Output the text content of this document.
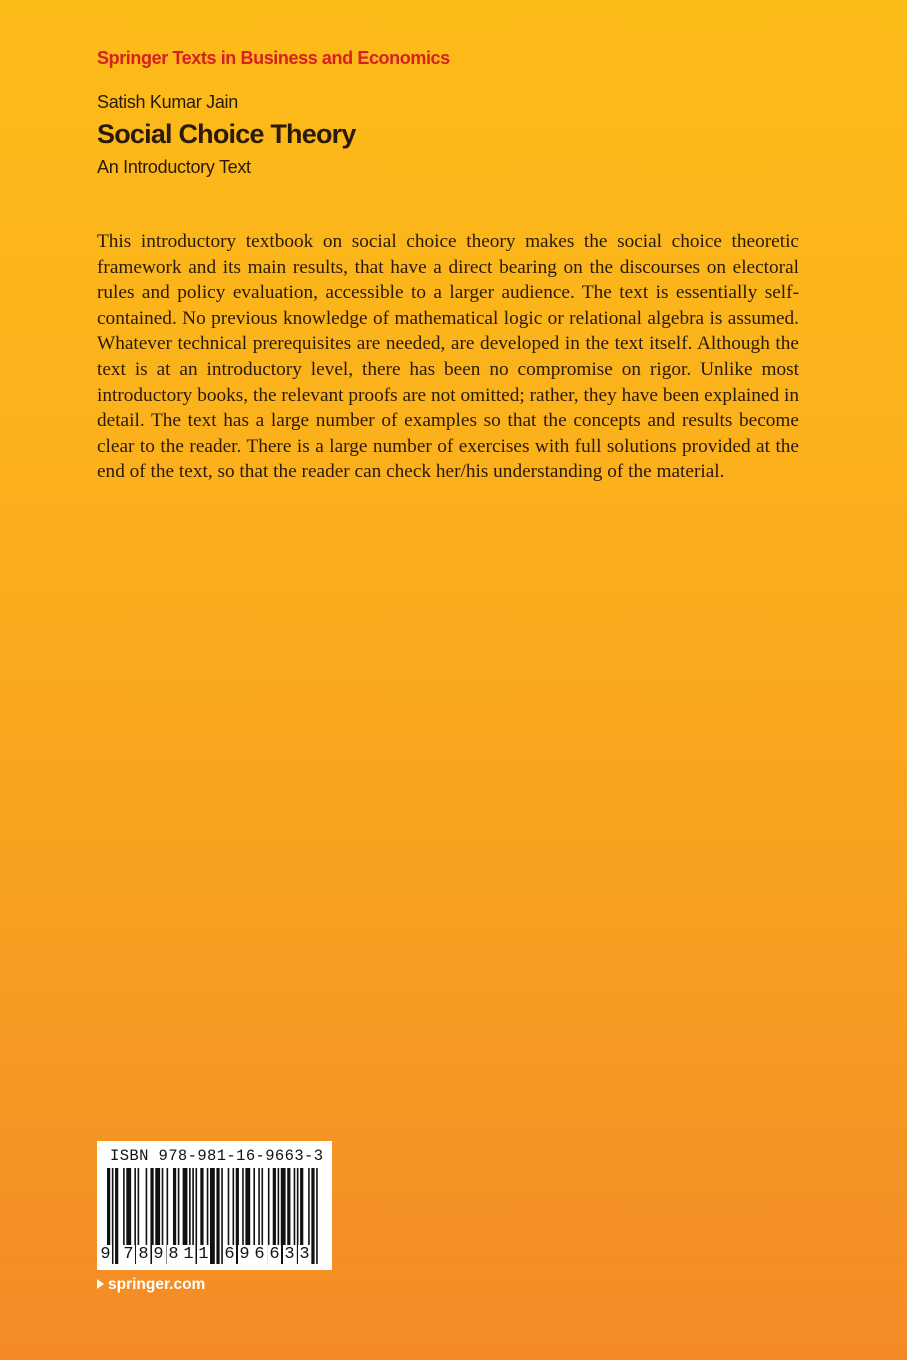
Springer Texts in Business and Economics
Satish Kumar Jain
Social Choice Theory
An Introductory Text

This introductory textbook on social choice theory makes the social choice theoretic framework and its main results, that have a direct bearing on the discourses on electoral rules and policy evaluation, accessible to a larger audience. The text is essentially self-contained. No previous knowledge of mathematical logic or relational algebra is assumed. Whatever technical prerequisites are needed, are developed in the text itself. Although the text is at an introductory level, there has been no compromise on rigor. Unlike most introductory books, the relevant proofs are not omitted; rather, they have been explained in detail. The text has a large number of examples so that the concepts and results become clear to the reader. There is a large number of exercises with full solutions provided at the end of the text, so that the reader can check her/his understanding of the material.

ISBN 978-981-16-9663-3
9 7 8 9 8 1 1 6 9 6 6 3 3
springer.com
